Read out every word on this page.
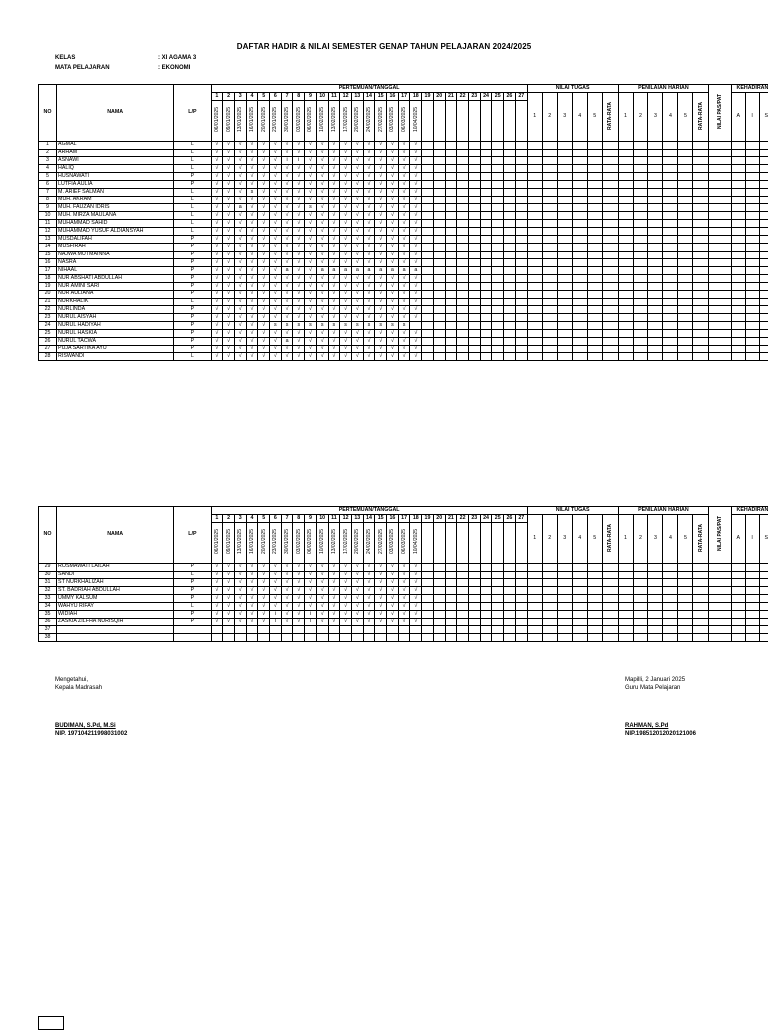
DAFTAR HADIR & NILAI SEMESTER GENAP TAHUN PELAJARAN 2024/2025
KELAS	: XI AGAMA 3
MATA PELAJARAN	: EKONOMI
NO	NAMA	L/P	PERTEMUAN/TANGGAL																											NILAI TUGAS						PENILAIAN HARIAN						NILAI PAS/PAT	KEHADIRAN		
			1	2	3	4	5	6	7	8	9	10	11	12	13	14	15	16	17	18	19	20	21	22	23	24	25	26	27	1	2	3	4	5	RATA-RATA	1	2	3	4	5	RATA-RATA		A	I	S
			06/01/2025	09/01/2025	13/01/2025	16/01/2025	20/01/2025	23/01/2025	30/01/2025	03/02/2025	06/02/2025	10/02/2025	13/02/2025	17/02/2025	20/02/2025	24/02/2025	27/02/2025	03/03/2025	06/03/2025	10/04/2025																									
1	AGMAL	L	√	√	√	√	√	√	√	√	√	√	√	√	√	√	√	√	√	√																									
2	ARHAM	L	√	√	√	√	√	√	√	√	√	√	√	√	√	√	√	√	√	√																									
3	ASNAWI	L	√	√	√	√	√	√	i	i	√	√	√	√	√	√	√	√	√	√																									
4	HALIQ	L	√	√	√	√	√	√	√	√	√	√	√	√	√	√	√	√	√	√																									
5	HUSNAWATI	P	√	√	√	√	√	√	√	√	√	√	√	√	√	√	√	√	√	√																									
6	LUTFIA AULIA	P	√	√	√	√	√	√	√	√	√	√	√	√	√	√	√	√	√	√																									
7	M. ARIEF SALMAN	L	√	√	√	s	√	√	√	√	√	√	√	√	√	√	√	√	√	√																									
8	MUH. AKRAM	L	√	√	√	√	√	√	√	√	√	√	√	√	√	√	√	√	√	√																									
9	MUH. FAUZAN IDRIS	L	√	√	a	√	√	√	√	√	s	√	√	√	√	√	√	√	√	√																									
10	MUH. MIRZA MAULANA	L	√	√	√	√	√	√	√	√	√	√	√	√	√	√	√	√	√	√																									
11	MUHAMMAD SAHID	L	√	√	√	√	√	√	√	√	√	√	√	√	√	√	√	√	√	√																									
12	MUHAMMAD YUSUF ALDIANSYAH	L	√	√	√	√	√	√	√	√	√	√	√	√	√	√	√	√	√	√																									
13	MUSDALIFAH	P	√	√	√	√	√	√	√	√	√	√	√	√	√	√	√	√	√	√																									
14	MUSFIRAH	P	√	√	√	√	√	√	√	√	√	√	√	√	√	√	√	√	√	√																									
15	NAJWA MUTMAINNA	P	√	√	√	√	√	√	√	√	√	√	√	√	√	√	√	√	√	√																									
16	NASRA	P	√	√	√	√	√	√	√	√	√	√	√	√	√	√	√	√	√	√																									
17	NIHAAL	P	√	√	√	√	√	√	a	√	√	a	a	a	a	a	a	a	a	a																									
18	NUR ABSHATI ABDULLAH	P	√	√	√	√	√	√	√	√	√	√	√	√	√	√	√	√	√	√																									
19	NUR AMINI SARI	P	√	√	√	√	√	√	√	√	√	√	√	√	√	√	√	√	√	√																									
20	NUR AULIANA	P	√	√	√	√	√	√	√	√	√	√	√	√	√	√	√	√	√	√																									
21	NURKHALIK	L	√	√	√	√	√	√	√	√	√	√	√	√	√	√	√	√	√	√																									
22	NURLINDA	P	√	√	√	√	√	√	√	√	√	√	√	√	√	√	√	√	√	√																									
23	NURUL AISYAH	P	√	√	√	√	√	√	√	√	√	√	√	√	√	√	√	√	√	√																									
24	NURUL HADIYAH	P	√	√	√	√	√	s	s	s	s	s	s	s	s	s	s	s	s																										
25	NURUL HASKIA	P	√	√	√	√	√	√	√	√	√	√	√	√	√	√	√	√	√	√																									
26	NURUL TACWA	P	√	√	√	√	√	√	a	√	√	√	√	√	√	√	√	√	√	√																									
27	PUJA SARTIKA AYU	P	√	√	√	√	√	√	√	√	√	√	√	√	√	√	√	√	√	√																									
28	RISWANDI	L	√	√	√	√	√	√	√	√	√	√	√	√	√	√	√	√	√	√																									
NO	NAMA	L/P	PERTEMUAN/TANGGAL																											NILAI TUGAS						PENILAIAN HARIAN						NILAI PAS/PAT	KEHADIRAN		
			1	2	3	4	5	6	7	8	9	10	11	12	13	14	15	16	17	18	19	20	21	22	23	24	25	26	27	1	2	3	4	5	RATA-RATA	1	2	3	4	5	RATA-RATA		A	I	S
			06/01/2025	09/01/2025	13/01/2025	16/01/2025	20/01/2025	23/01/2025	30/01/2025	03/02/2025	06/02/2025	10/02/2025	13/02/2025	17/02/2025	20/02/2025	24/02/2025	27/02/2025	03/03/2025	06/03/2025	10/04/2025																									
29	ROSMAWATI LAILAH	P	√	√	√	√	√	√	√	√	√	√	√	√	√	√	√	√	√	√																									
30	SANDI	L	√	√	√	√	√	√	√	√	√	√	√	√	√	√	√	√	√	√																									
31	ST NURKHALIZAH	P	√	√	√	√	√	√	√	√	√	√	√	√	√	√	√	√	√	√																									
32	ST. BADRIAH ABDULLAH	P	√	√	√	√	√	√	√	√	√	√	√	√	√	√	√	√	√	√																									
33	UMMY KALSUM	P	√	√	√	√	√	√	√	√	√	√	√	√	√	√	√	√	√	√																									
34	WAHYU RIFAY	L	√	√	√	√	√	√	√	√	√	√	√	√	√	√	√	√	√	√																									
35	WIDIAH	P	√	√	√	√	√	i	√	√	i	√	√	√	√	√	√	√	√	√																									
36	ZASKIA ZILFHA NURISQIH	P	√	√	√	√	√	i	√	√	i	√	√	√	√	√	√	√	√	√																									
37																																													
38																																													
Mengetahui,
Kepala Madrasah
BUDIMAN, S.Pd, M.Si
NIP. 197104211998031002
Mapilli, 2 Januari 2025
Guru Mata Pelajaran
RAHMAN, S.Pd
NIP.198512012020121006
